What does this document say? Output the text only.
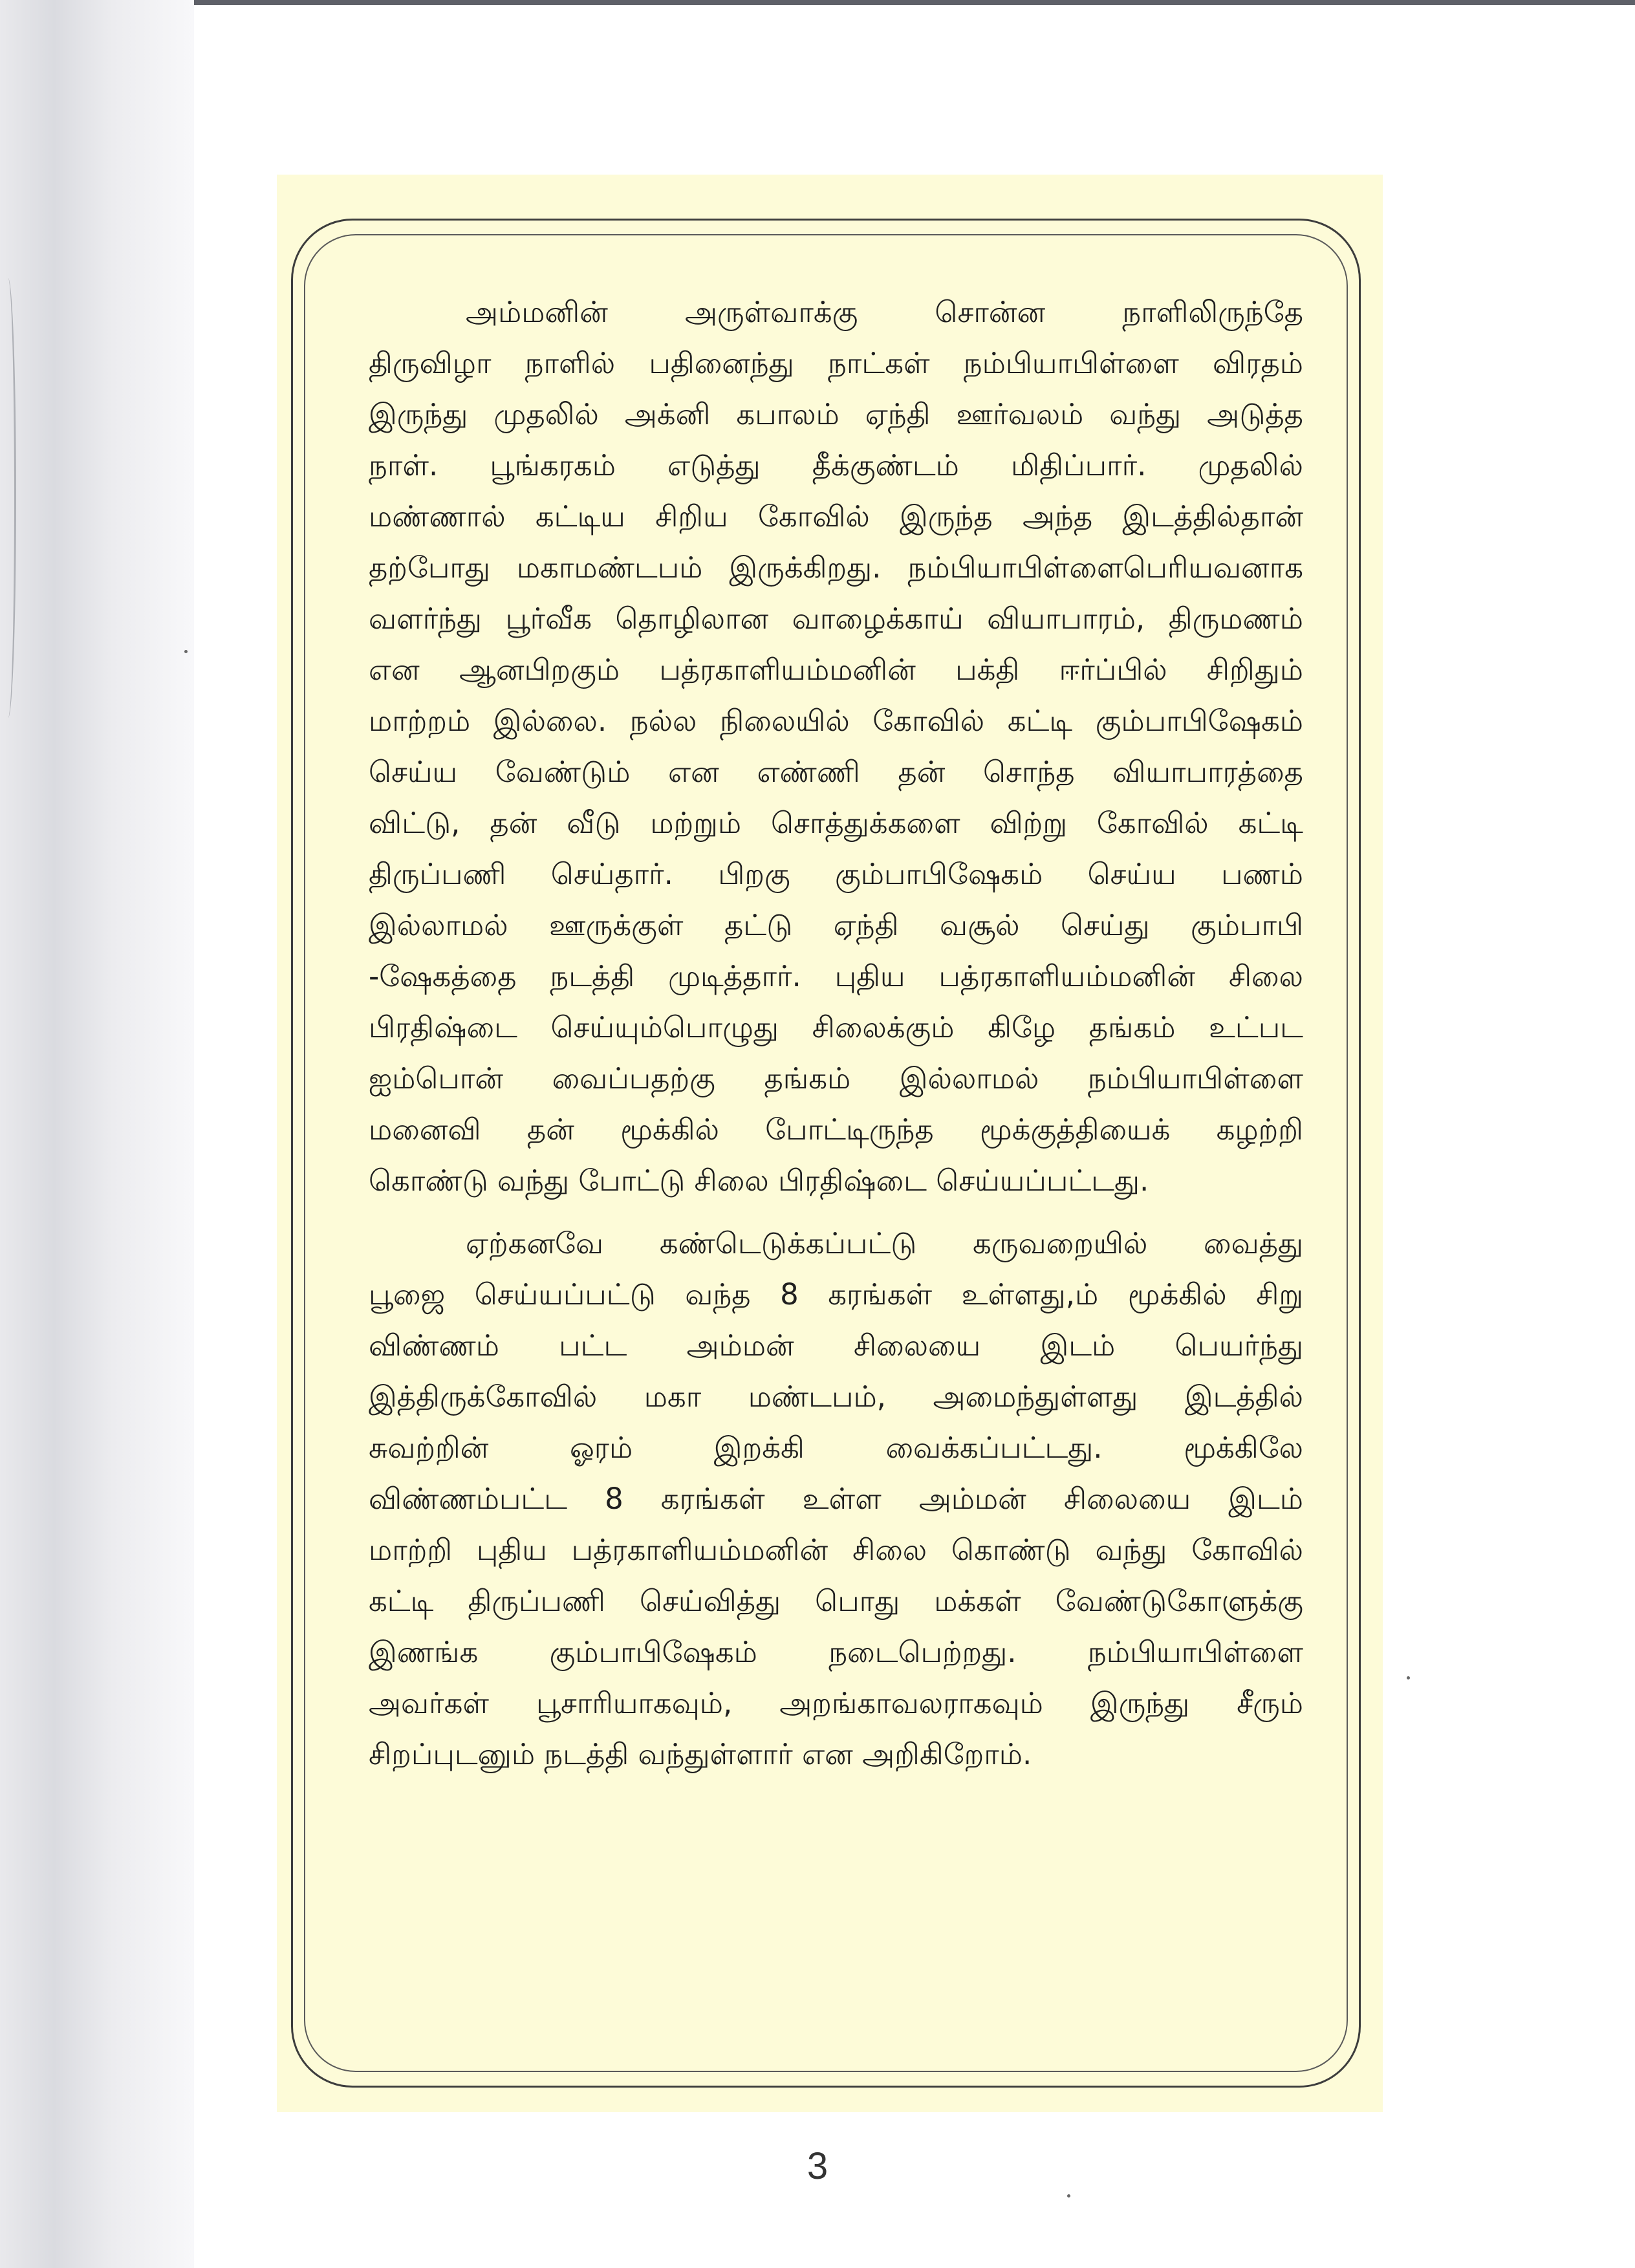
அம்மனின் அருள்வாக்கு சொன்ன நாளிலிருந்தே
திருவிழா நாளில் பதினைந்து நாட்கள் நம்பியாபிள்ளை விரதம்
இருந்து முதலில் அக்னி கபாலம் ஏந்தி ஊர்வலம் வந்து அடுத்த
நாள். பூங்கரகம் எடுத்து தீக்குண்டம் மிதிப்பார். முதலில்
மண்ணால் கட்டிய சிறிய கோவில் இருந்த அந்த இடத்தில்தான்
தற்போது மகாமண்டபம் இருக்கிறது. நம்பியாபிள்ளைபெரியவனாக
வளர்ந்து பூர்வீக தொழிலான வாழைக்காய் வியாபாரம், திருமணம்
என ஆனபிறகும் பத்ரகாளியம்மனின் பக்தி ஈர்ப்பில் சிறிதும்
மாற்றம் இல்லை. நல்ல நிலையில் கோவில் கட்டி கும்பாபிஷேகம்
செய்ய வேண்டும் என எண்ணி தன் சொந்த வியாபாரத்தை
விட்டு, தன் வீடு மற்றும் சொத்துக்களை விற்று கோவில் கட்டி
திருப்பணி செய்தார். பிறகு கும்பாபிஷேகம் செய்ய பணம்
இல்லாமல் ஊருக்குள் தட்டு ஏந்தி வசூல் செய்து கும்பாபி
-ஷேகத்தை நடத்தி முடித்தார். புதிய பத்ரகாளியம்மனின் சிலை
பிரதிஷ்டை செய்யும்பொழுது சிலைக்கும் கிழே தங்கம் உட்பட
ஐம்பொன் வைப்பதற்கு தங்கம் இல்லாமல் நம்பியாபிள்ளை
மனைவி தன் மூக்கில் போட்டிருந்த மூக்குத்தியைக் கழற்றி
கொண்டு வந்து போட்டு சிலை பிரதிஷ்டை செய்யப்பட்டது.
ஏற்கனவே கண்டெடுக்கப்பட்டு கருவறையில் வைத்து
பூஜை செய்யப்பட்டு வந்த 8 கரங்கள் உள்ளது,ம் மூக்கில் சிறு
விண்ணம் பட்ட அம்மன் சிலையை இடம் பெயர்ந்து
இத்திருக்கோவில் மகா மண்டபம், அமைந்துள்ளது இடத்தில்
சுவற்றின் ஓரம் இறக்கி வைக்கப்பட்டது. மூக்கிலே
விண்ணம்பட்ட 8 கரங்கள் உள்ள அம்மன் சிலையை இடம்
மாற்றி புதிய பத்ரகாளியம்மனின் சிலை கொண்டு வந்து கோவில்
கட்டி திருப்பணி செய்வித்து பொது மக்கள் வேண்டுகோளுக்கு
இணங்க கும்பாபிஷேகம் நடைபெற்றது. நம்பியாபிள்ளை
அவர்கள் பூசாரியாகவும், அறங்காவலராகவும் இருந்து சீரும்
சிறப்புடனும் நடத்தி வந்துள்ளார் என அறிகிறோம்.
3
